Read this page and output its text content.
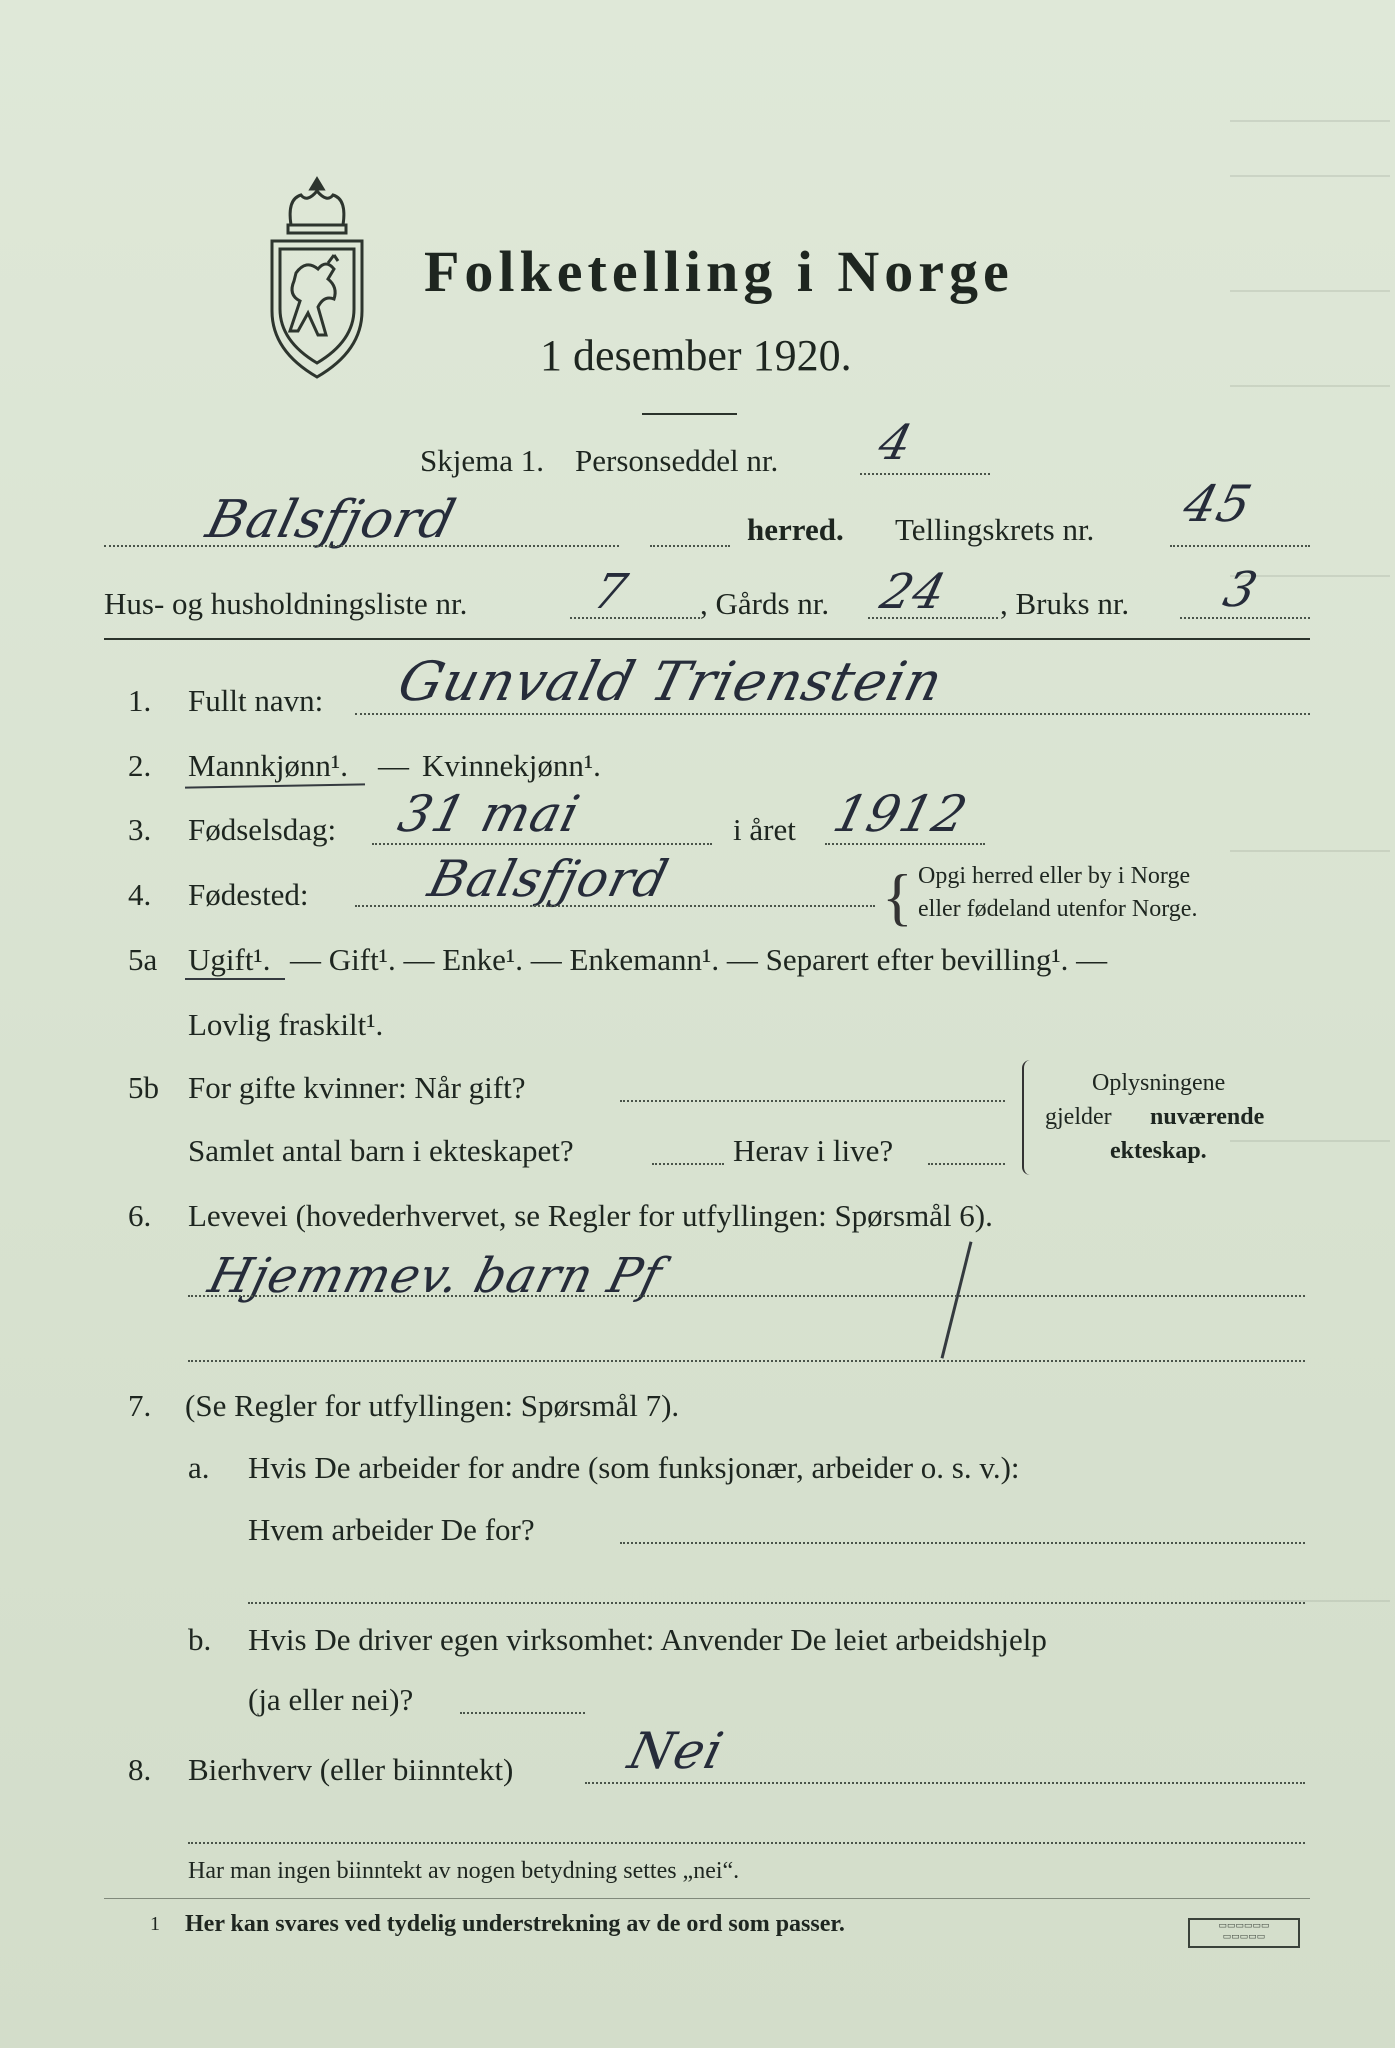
Folketelling i Norge
1 desember 1920.
Skjema 1. Personseddel nr. 4
Balsfjord	herred. Tellingskrets nr. 45
Hus- og husholdningsliste nr.	7 , Gårds nr. 24 , Bruks nr. 3
1. Fullt navn: Gunvald Trienstein
2. Mannkjønn¹. — Kvinnekjønn¹.
3. Fødselsdag: 31 mai	i året 1912
4. Fødested: Balsfjord	{ Opgi herred eller by i Norge
eller fødeland utenfor Norge.
5a Ugift¹. — Gift¹. — Enke¹. — Enkemann¹. — Separert efter bevilling¹. —
Lovlig fraskilt¹.
5b For gifte kvinner: Når gift?
Samlet antal barn i ekteskapet?	Herav i live?
Oplysningene
gjelder nuværende
ekteskap.
6. Levevei (hovederhvervet, se Regler for utfyllingen: Spørsmål 6).
Hjemmev. barn Pf
7. (Se Regler for utfyllingen: Spørsmål 7).
a. Hvis De arbeider for andre (som funksjonær, arbeider o. s. v.):
Hvem arbeider De for?
b. Hvis De driver egen virksomhet: Anvender De leiet arbeidshjelp
(ja eller nei)?
8. Bierhverv (eller biinntekt) Nei
Har man ingen biinntekt av nogen betydning settes „nei“.
1 Her kan svares ved tydelig understrekning av de ord som passer.	▭▭▭▭▭▭
▭▭▭▭▭
